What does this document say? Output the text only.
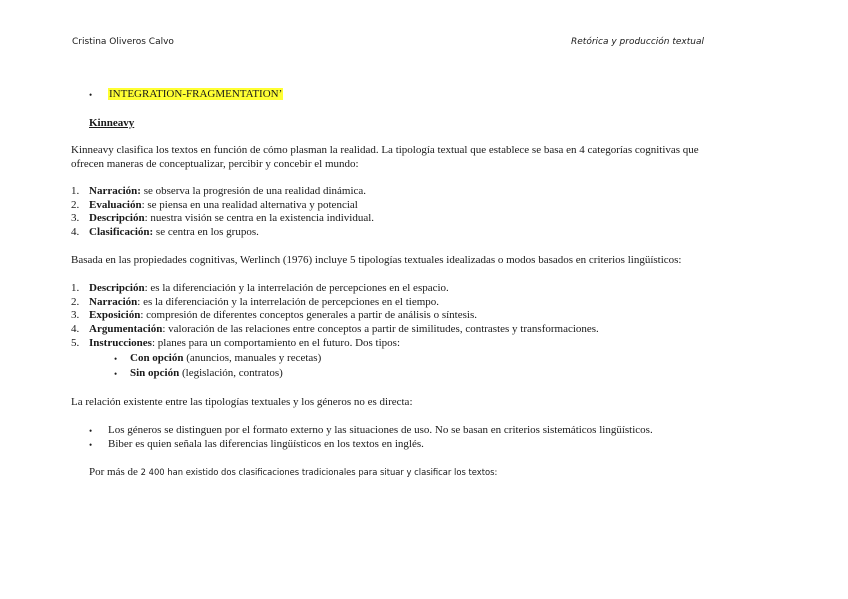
Cristina Oliveros Calvo	Retórica y producción textual
• INTEGRATION-FRAGMENTATION’
Kinneavy
Kinneavy clasifica los textos en función de cómo plasman la realidad. La tipología textual que establece se basa en 4 categorías cognitivas que
ofrecen maneras de conceptualizar, percibir y concebir el mundo:
1. Narración: se observa la progresión de una realidad dinámica.
2. Evaluación: se piensa en una realidad alternativa y potencial
3. Descripción: nuestra visión se centra en la existencia individual.
4. Clasificación: se centra en los grupos.
Basada en las propiedades cognitivas, Werlinch (1976) incluye 5 tipologías textuales idealizadas o modos basados en criterios lingüísticos:
1. Descripción: es la diferenciación y la interrelación de percepciones en el espacio.
2. Narración: es la diferenciación y la interrelación de percepciones en el tiempo.
3. Exposición: compresión de diferentes conceptos generales a partir de análisis o síntesis.
4. Argumentación: valoración de las relaciones entre conceptos a partir de similitudes, contrastes y transformaciones.
5. Instrucciones: planes para un comportamiento en el futuro. Dos tipos:
• Con opción (anuncios, manuales y recetas)
• Sin opción (legislación, contratos)
La relación existente entre las tipologías textuales y los géneros no es directa:
• Los géneros se distinguen por el formato externo y las situaciones de uso. No se basan en criterios sistemáticos lingüísticos.
• Biber es quien señala las diferencias lingüísticos en los textos en inglés.
Por más de 2 400 han existido dos clasificaciones tradicionales para situar y clasificar los textos:
